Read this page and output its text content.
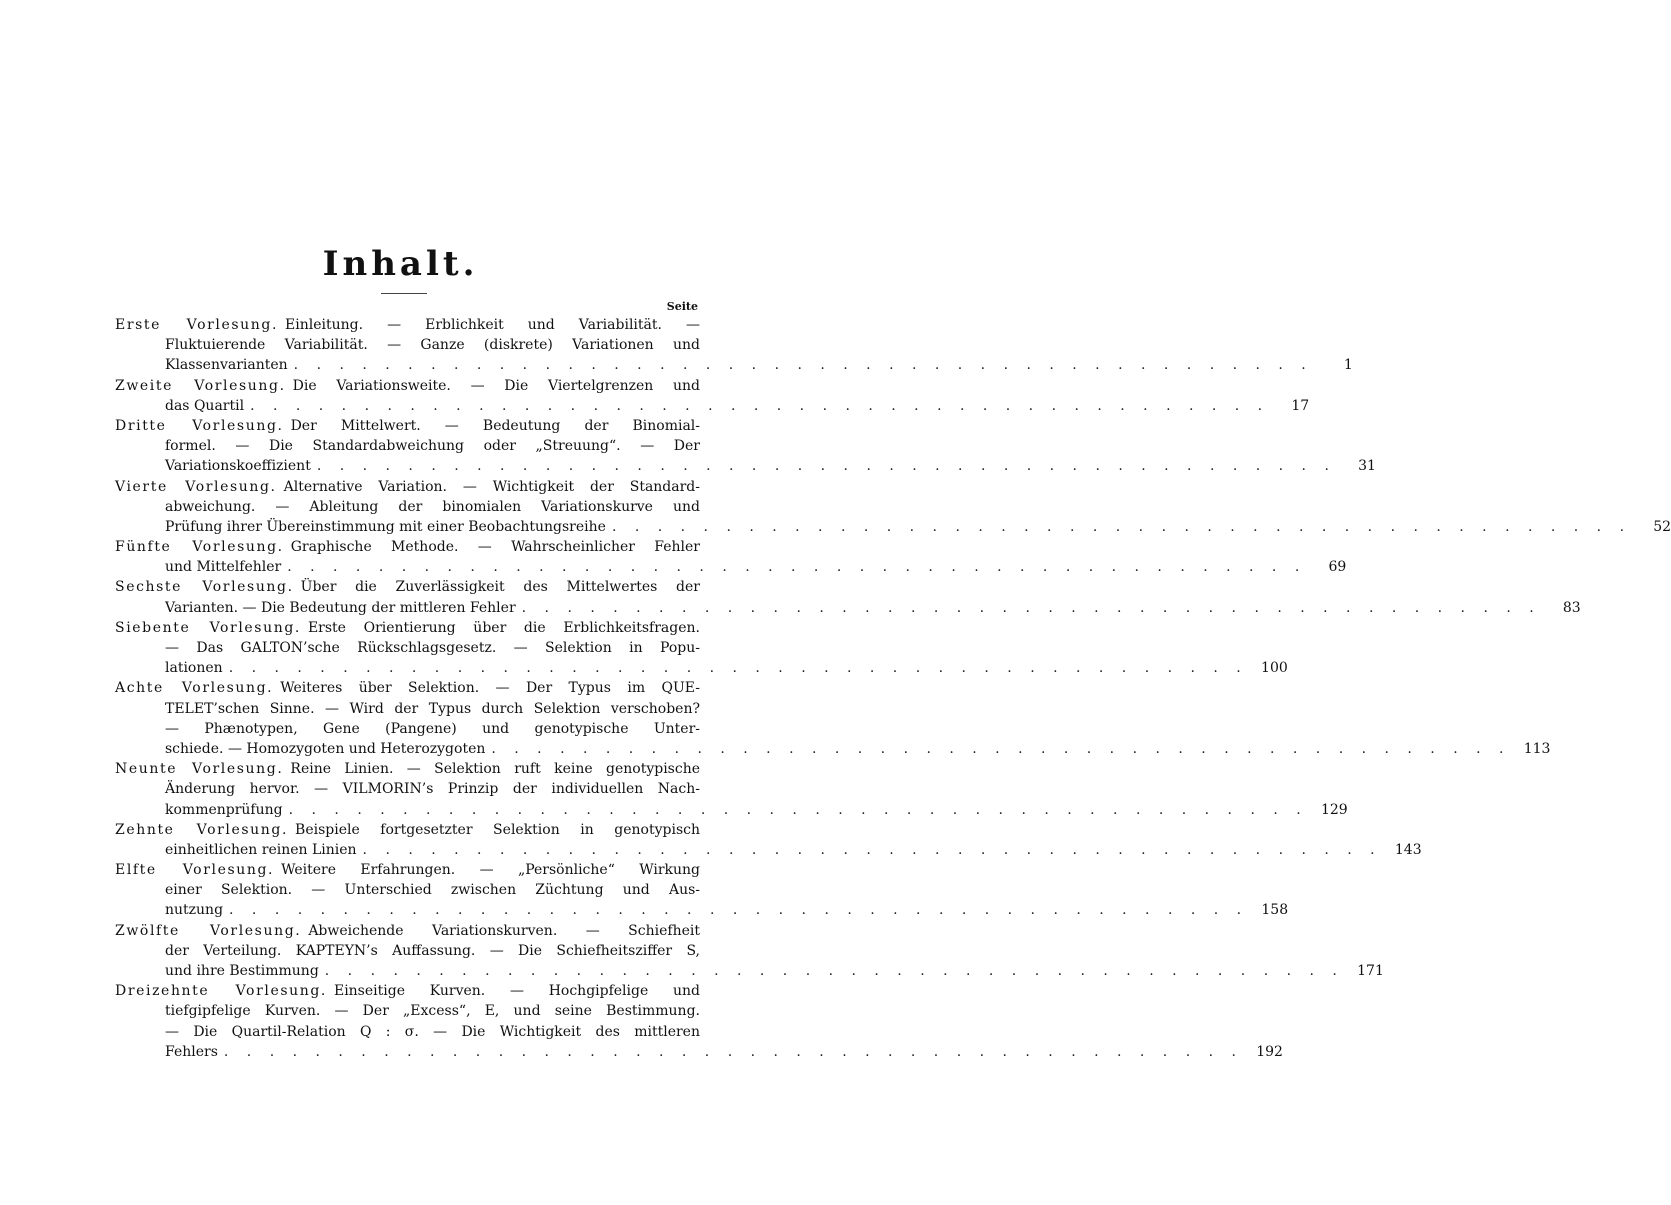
Inhalt.
Seite
Erste Vorlesung.  Einleitung. — Erblichkeit und Variabilität. —
Fluktuierende Variabilität. — Ganze (diskrete) Variationen und
Klassenvarianten . . . . . . . . . . . . . . . . . . . . . . . . . . . . . . . . . . . . . . . . . . . . .	1
Zweite Vorlesung.  Die Variationsweite. — Die Viertelgrenzen und
das Quartil . . . . . . . . . . . . . . . . . . . . . . . . . . . . . . . . . . . . . . . . . . . . .	17
Dritte Vorlesung.  Der Mittelwert. — Bedeutung der Binomial-
formel. — Die Standardabweichung oder „Streuung“. — Der
Variationskoeffizient . . . . . . . . . . . . . . . . . . . . . . . . . . . . . . . . . . . . . . . . . . . . .	31
Vierte Vorlesung.  Alternative Variation. — Wichtigkeit der Standard-
abweichung. — Ableitung der binomialen Variationskurve und
Prüfung ihrer Übereinstimmung mit einer Beobachtungsreihe . . . . . . . . . . . . . . . . . . . . . . . . . . . . . . . . . . . . . . . . . . . . .	52
Fünfte Vorlesung.  Graphische Methode. — Wahrscheinlicher Fehler
und Mittelfehler . . . . . . . . . . . . . . . . . . . . . . . . . . . . . . . . . . . . . . . . . . . . .	69
Sechste Vorlesung.  Über die Zuverlässigkeit des Mittelwertes der
Varianten. — Die Bedeutung der mittleren Fehler . . . . . . . . . . . . . . . . . . . . . . . . . . . . . . . . . . . . . . . . . . . . .	83
Siebente Vorlesung.  Erste Orientierung über die Erblichkeitsfragen.
— Das GALTON’sche Rückschlagsgesetz. — Selektion in Popu-
lationen . . . . . . . . . . . . . . . . . . . . . . . . . . . . . . . . . . . . . . . . . . . . . 100
Achte Vorlesung.  Weiteres über Selektion. — Der Typus im QUE-
TELET’schen Sinne. — Wird der Typus durch Selektion verschoben?
— Phænotypen, Gene (Pangene) und genotypische Unter-
schiede. — Homozygoten und Heterozygoten . . . . . . . . . . . . . . . . . . . . . . . . . . . . . . . . . . . . . . . . . . . . . 113
Neunte Vorlesung.  Reine Linien. — Selektion ruft keine genotypische
Änderung hervor. — VILMORIN’s Prinzip der individuellen Nach-
kommenprüfung . . . . . . . . . . . . . . . . . . . . . . . . . . . . . . . . . . . . . . . . . . . . . 129
Zehnte Vorlesung.  Beispiele fortgesetzter Selektion in genotypisch
einheitlichen reinen Linien . . . . . . . . . . . . . . . . . . . . . . . . . . . . . . . . . . . . . . . . . . . . . 143
Elfte Vorlesung.  Weitere Erfahrungen. — „Persönliche“ Wirkung
einer Selektion. — Unterschied zwischen Züchtung und Aus-
nutzung . . . . . . . . . . . . . . . . . . . . . . . . . . . . . . . . . . . . . . . . . . . . . 158
Zwölfte Vorlesung.  Abweichende Variationskurven. — Schiefheit
der Verteilung. KAPTEYN’s Auffassung. — Die Schiefheitsziffer S,
und ihre Bestimmung . . . . . . . . . . . . . . . . . . . . . . . . . . . . . . . . . . . . . . . . . . . . . 171
Dreizehnte Vorlesung.  Einseitige Kurven. — Hochgipfelige und
tiefgipfelige Kurven. — Der „Excess“, E, und seine Bestimmung.
— Die Quartil-Relation Q : σ. — Die Wichtigkeit des mittleren
Fehlers . . . . . . . . . . . . . . . . . . . . . . . . . . . . . . . . . . . . . . . . . . . . . 192
